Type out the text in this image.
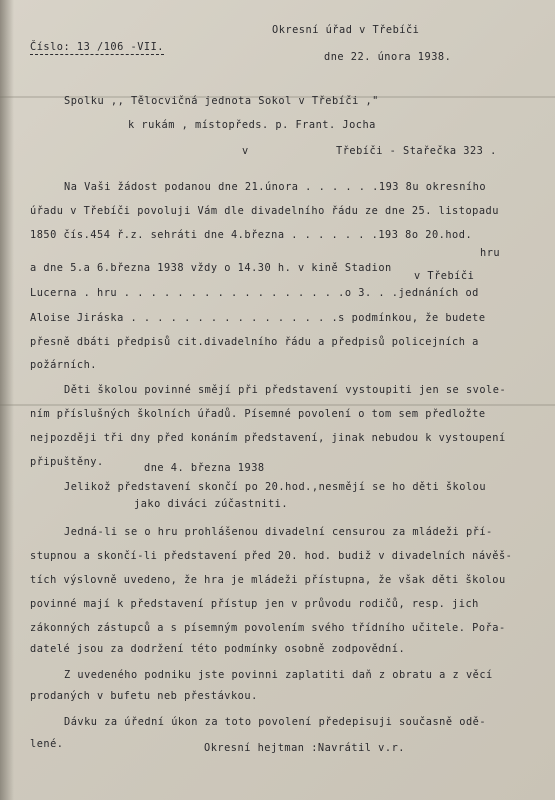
Okresní úřad v Třebíči
Číslo: 13 /106 -VII.
dne 22. února 1938.
Spolku ,, Tělocvičná jednota Sokol v Třebíči ,"
k rukám , místopředs. p. Frant. Jocha
v	Třebíči - Stařečka 323 .
Na Vaši žádost podanou dne 21.února . . . . . .193 8u okresního
úřadu v Třebíči povoluji Vám dle divadelního řádu ze dne 25. listopadu
1850 čís.454 ř.z. sehráti dne 4.března . . . . . . .193 8o 20.hod.
hru
a dne 5.a 6.března 1938 vždy o 14.30 h. v kině Stadion
v Třebíči
Lucerna . hru . . . . . . . . . . . . . . . . .o 3. . .jednáních od
Aloise Jiráska . . . . . . . . . . . . . . . .s podmínkou, že budete
přesně dbáti předpisů cit.divadelního řádu a předpisů policejních a
požárních.
Děti školou povinné smějí při představení vystoupiti jen se svole-
ním příslušných školních úřadů. Písemné povolení o tom sem předložte
nejpozději tři dny před konáním představení, jinak nebudou k vystoupení
připuštěny.	dne 4. března 1938
Jelikož představení skončí po 20.hod.,nesmějí se ho děti školou
jako diváci zúčastniti.
Jedná-li se o hru prohlášenou divadelní censurou za mládeži pří-
stupnou a skončí-li představení před 20. hod. budiž v divadelních návěš-
tích výslovně uvedeno, že hra je mládeži přístupna, že však děti školou
povinné mají k představení přístup jen v průvodu rodičů, resp. jich
zákonných zástupců a s písemným povolením svého třídního učitele. Pořa-
datelé jsou za dodržení této podmínky osobně zodpovědní.
Z uvedeného podniku jste povinni zaplatiti daň z obratu a z věcí
prodaných v bufetu neb přestávkou.
Dávku za úřední úkon za toto povolení předepisuji současně odě-
lené.	Okresní hejtman :Navrátil v.r.
